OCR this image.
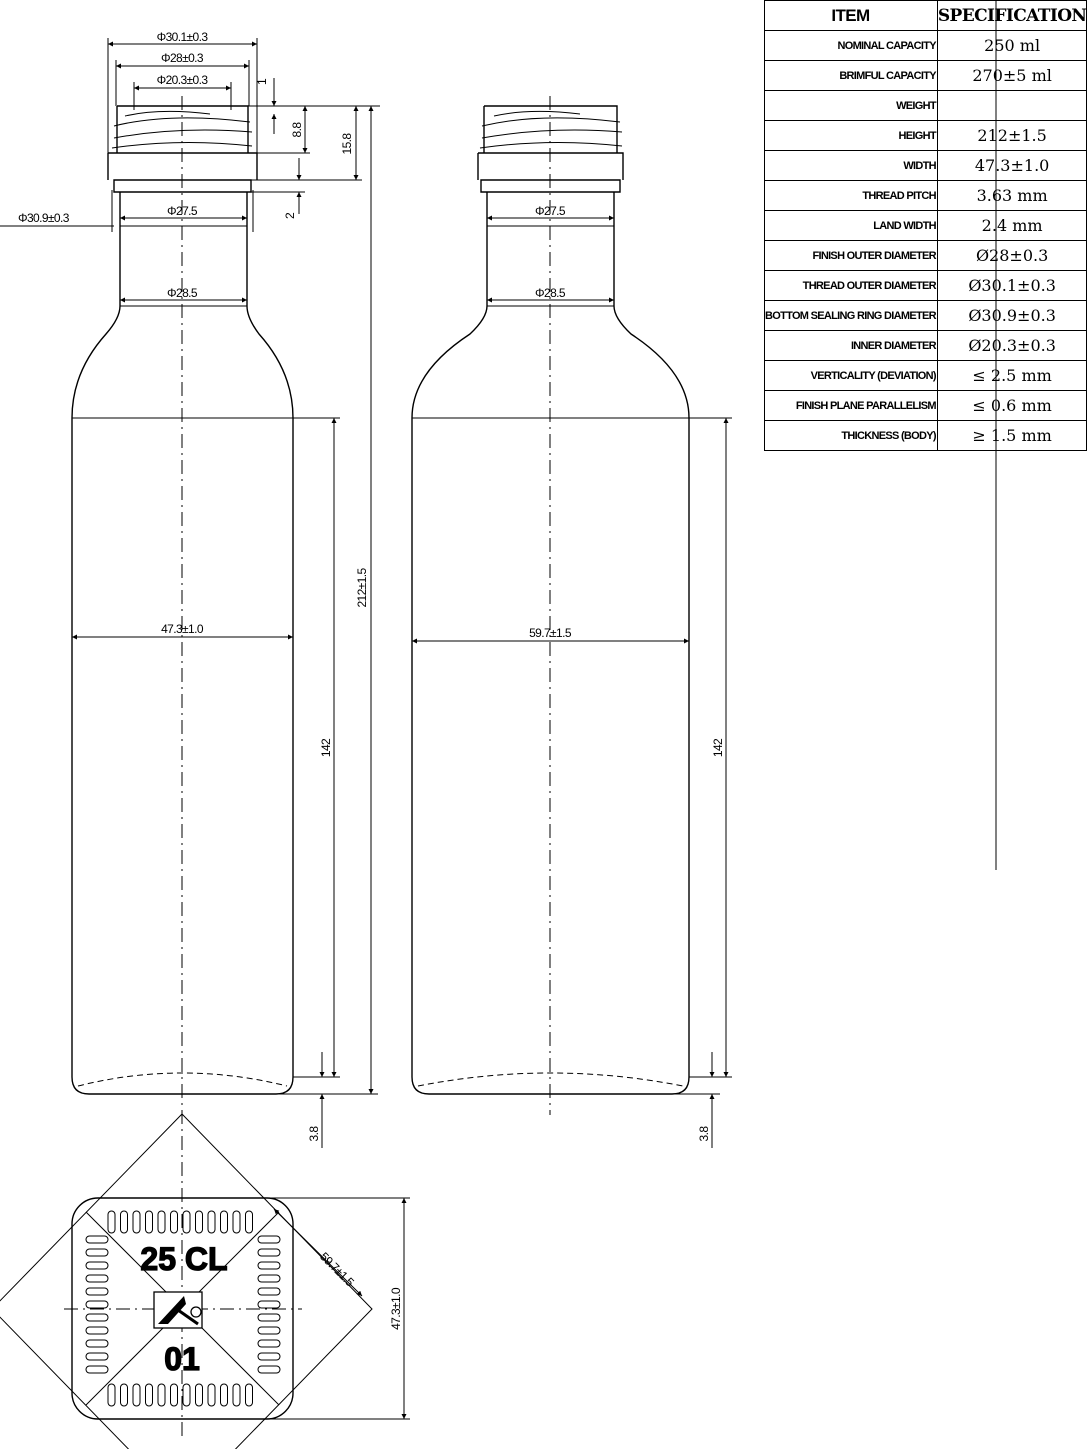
Φ30.1±0.3
Φ28±0.3
Φ20.3±0.3
Φ27.5
Φ28.5
Φ30.9±0.3
47.3±1.0
1
8.8
15.8
2
212±1.5
142
3.8
Φ27.5
Φ28.5
59.7±1.5
142
3.8
25 CL
01
59.7±1.5
47.3±1.0
ITEM	SPECIFICATION
NOMINAL CAPACITY	250 ml
BRIMFUL CAPACITY	270±5 ml
WEIGHT	
HEIGHT	212±1.5
WIDTH	47.3±1.0
THREAD PITCH	3.63 mm
LAND WIDTH	2.4 mm
FINISH OUTER DIAMETER	Ø28±0.3
THREAD OUTER DIAMETER	Ø30.1±0.3
BOTTOM SEALING RING DIAMETER	Ø30.9±0.3
INNER DIAMETER	Ø20.3±0.3
VERTICALITY (DEVIATION)	≤ 2.5 mm
FINISH PLANE PARALLELISM	≤ 0.6 mm
THICKNESS (BODY)	≥ 1.5 mm
